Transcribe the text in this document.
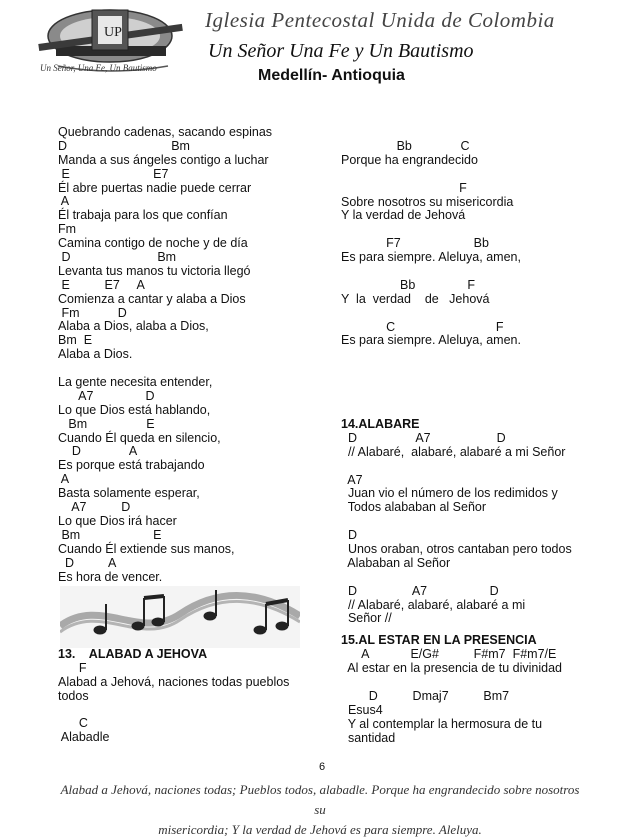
UP
Un Señor, Una Fe, Un Bautismo
Iglesia Pentecostal Unida de Colombia
Un Señor Una Fe y Un Bautismo
Medellín- Antioquia
Quebrando cadenas, sacando espinas
D                              Bm
Manda a sus ángeles contigo a luchar
E                        E7
Él abre puertas nadie puede cerrar
A
Él trabaja para los que confían
Fm
Camina contigo de noche y de día
D                         Bm
Levanta tus manos tu victoria llegó
E          E7     A
Comienza a cantar y alaba a Dios
Fm           D
Alaba a Dios, alaba a Dios,
Bm  E
Alaba a Dios.
La gente necesita entender,
A7               D
Lo que Dios está hablando,
Bm                 E
Cuando Él queda en silencio,
D              A
Es porque está trabajando
A
Basta solamente esperar,
A7          D
Lo que Dios irá hacer
Bm                     E
Cuando Él extiende sus manos,
D          A
Es hora de vencer.
13.    ALABAD A JEHOVA
F
Alabad a Jehová, naciones todas pueblos
todos
C
Alabadle
Bb              C
Porque ha engrandecido
F
Sobre nosotros su misericordia
Y la verdad de Jehová
F7                     Bb
Es para siempre. Aleluya, amen,
Bb               F
Y  la  verdad    de   Jehová
C                             F
Es para siempre. Aleluya, amen.
14.ALABARE
D                 A7                   D
// Alabaré,  alabaré, alabaré a mi Señor
A7
Juan vio el número de los redimidos y
Todos alababan al Señor
D
Unos oraban, otros cantaban pero todos
Alababan al Señor
D                A7                  D
// Alabaré, alabaré, alabaré a mi
Señor //
15.AL ESTAR EN LA PRESENCIA
A            E/G#          F#m7  F#m7/E
Al estar en la presencia de tu divinidad
D          Dmaj7          Bm7
Esus4
Y al contemplar la hermosura de tu
santidad
6
Alabad a Jehová, naciones todas; Pueblos todos, alabadle. Porque ha engrandecido sobre nosotros su
misericordia; Y la verdad de Jehová es para siempre. Aleluya.
